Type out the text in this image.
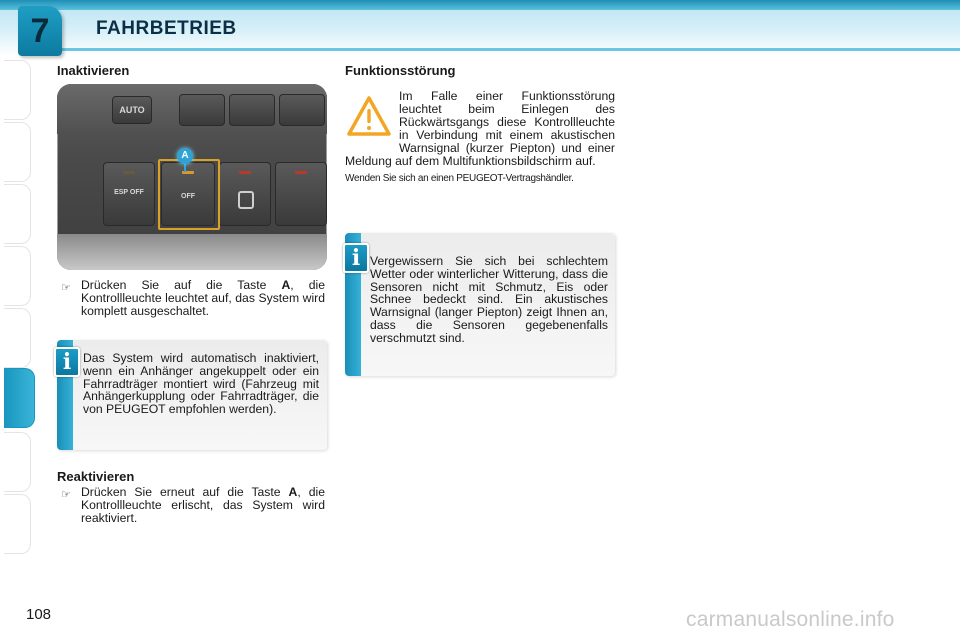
7	FAHRBETRIEB
Inaktivieren
AUTO
ESP OFF
OFF
A
☞ Drücken Sie auf die Taste A, die Kontrollleuchte leuchtet auf, das System wird komplett ausgeschaltet.
Das System wird automatisch inaktiviert, wenn ein Anhänger angekuppelt oder ein Fahrradträger montiert wird (Fahrzeug mit Anhängerkupplung oder Fahrradträger, die von PEUGEOT empfohlen werden).
i
Reaktivieren
☞ Drücken Sie erneut auf die Taste A, die Kontrollleuchte erlischt, das System wird reaktiviert.
Funktionsstörung
Im Falle einer Funktionsstörung leuchtet beim Einlegen des Rückwärtsgangs diese Kontrollleuchte in Verbindung mit einem akustischen Warnsignal (kurzer Piepton) und einer Meldung auf dem Multifunktionsbildschirm auf.
Wenden Sie sich an einen PEUGEOT-Vertragshändler.
Vergewissern Sie sich bei schlechtem Wetter oder winterlicher Witterung, dass die Sensoren nicht mit Schmutz, Eis oder Schnee bedeckt sind. Ein akustisches Warnsignal (langer Piepton) zeigt Ihnen an, dass die Sensoren gegebenenfalls verschmutzt sind.
i
108	carmanualsonline.info
